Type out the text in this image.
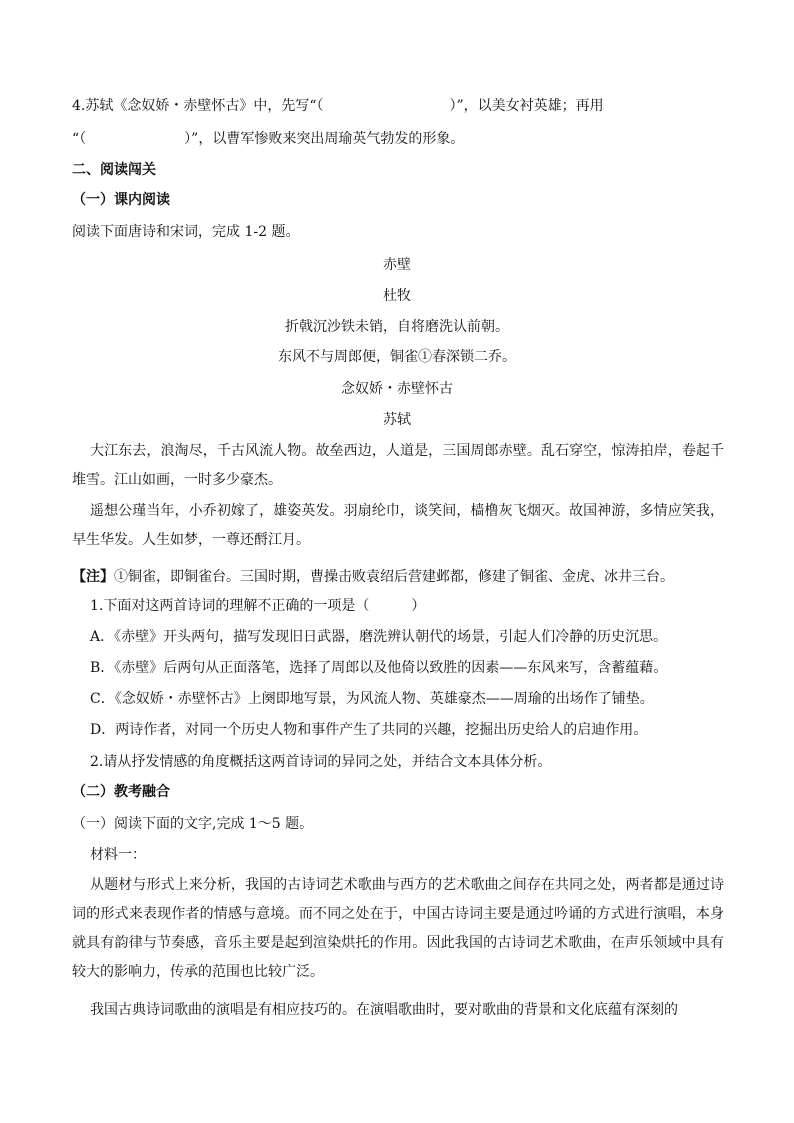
4.苏轼《念奴娇・赤壁怀古》中，先写“（　　　　　　　　　）”，以美女衬英雄；再用

“（　　　　　　　）”，以曹军惨败来突出周瑜英气勃发的形象。

二、阅读闯关

（一）课内阅读

阅读下面唐诗和宋词，完成 1-2 题。

赤壁

杜牧

折戟沉沙铁未销，自将磨洗认前朝。

东风不与周郎便，铜雀①春深锁二乔。

念奴娇・赤壁怀古

苏轼

大江东去，浪淘尽，千古风流人物。故垒西边，人道是，三国周郎赤壁。乱石穿空，惊涛拍岸，卷起千堆雪。江山如画，一时多少豪杰。

遥想公瑾当年，小乔初嫁了，雄姿英发。羽扇纶巾，谈笑间，樯橹灰飞烟灭。故国神游，多情应笑我，早生华发。人生如梦，一尊还酹江月。

【注】①铜雀，即铜雀台。三国时期，曹操击败袁绍后营建邺都，修建了铜雀、金虎、冰井三台。

1.下面对这两首诗词的理解不正确的一项是（　　　）

A．《赤壁》开头两句，描写发现旧日武器，磨洗辨认朝代的场景，引起人们冷静的历史沉思。

B．《赤壁》后两句从正面落笔，选择了周郎以及他倚以致胜的因素——东风来写，含蓄蕴藉。

C．《念奴娇・赤壁怀古》上阕即地写景，为风流人物、英雄豪杰——周瑜的出场作了铺垫。

D．两诗作者，对同一个历史人物和事件产生了共同的兴趣，挖掘出历史给人的启迪作用。

2.请从抒发情感的角度概括这两首诗词的异同之处，并结合文本具体分析。

（二）教考融合

（一）阅读下面的文字,完成 1～5 题。

材料一：

从题材与形式上来分析，我国的古诗词艺术歌曲与西方的艺术歌曲之间存在共同之处，两者都是通过诗词的形式来表现作者的情感与意境。而不同之处在于，中国古诗词主要是通过吟诵的方式进行演唱，本身就具有韵律与节奏感，音乐主要是起到渲染烘托的作用。因此我国的古诗词艺术歌曲，在声乐领域中具有较大的影响力，传承的范围也比较广泛。

我国古典诗词歌曲的演唱是有相应技巧的。在演唱歌曲时，要对歌曲的背景和文化底蕴有深刻的
